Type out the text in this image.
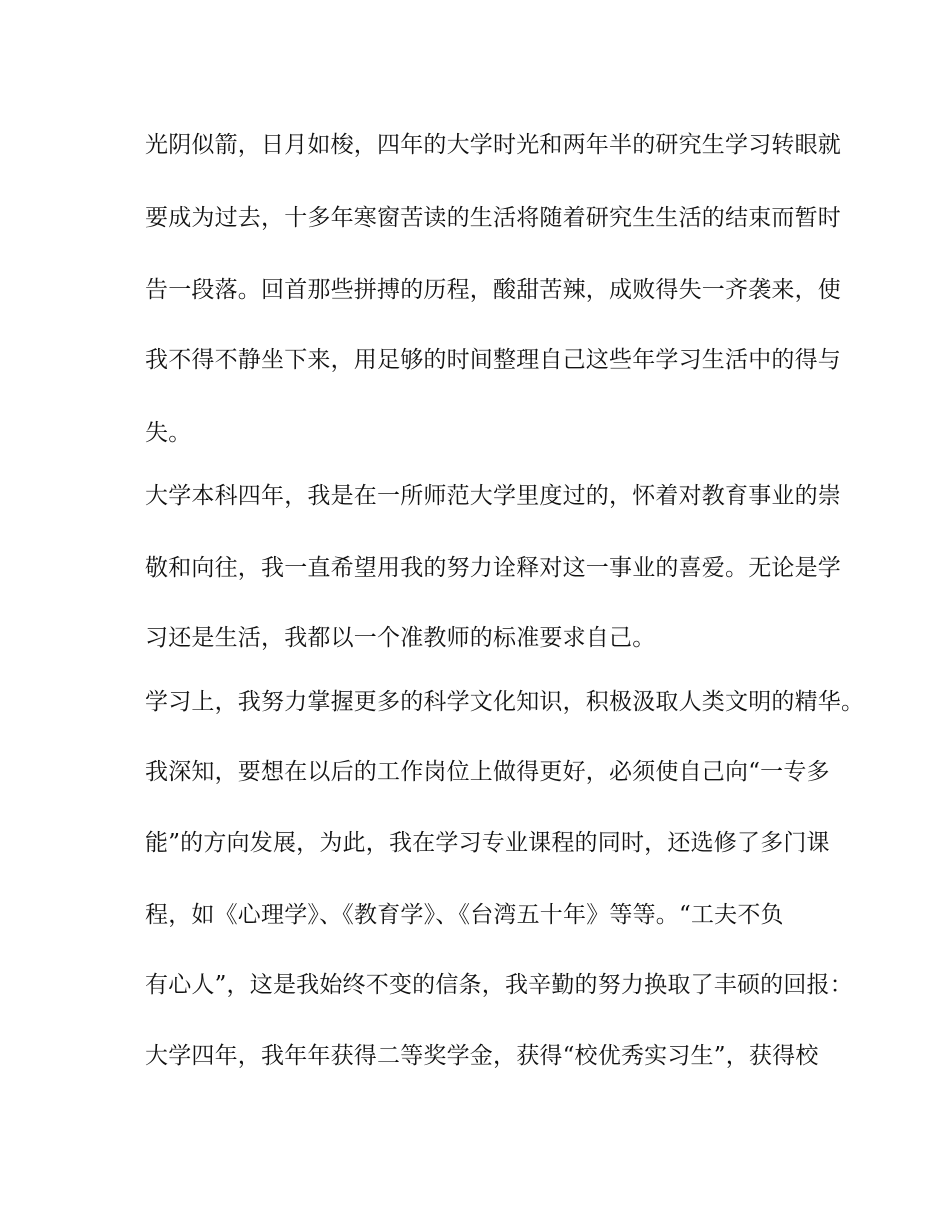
光阴似箭，日月如梭，四年的大学时光和两年半的研究生学习转眼就
要成为过去，十多年寒窗苦读的生活将随着研究生生活的结束而暂时
告一段落。回首那些拼搏的历程，酸甜苦辣，成败得失一齐袭来，使
我不得不静坐下来，用足够的时间整理自己这些年学习生活中的得与
失。
大学本科四年，我是在一所师范大学里度过的，怀着对教育事业的崇
敬和向往，我一直希望用我的努力诠释对这一事业的喜爱。无论是学
习还是生活，我都以一个准教师的标准要求自己。
学习上，我努力掌握更多的科学文化知识，积极汲取人类文明的精华。
我深知，要想在以后的工作岗位上做得更好，必须使自己向“一专多
能”的方向发展，为此，我在学习专业课程的同时，还选修了多门课
程，如《心理学》、《教育学》、《台湾五十年》等等。“工夫不负
有心人”，这是我始终不变的信条，我辛勤的努力换取了丰硕的回报：
大学四年，我年年获得二等奖学金，获得“校优秀实习生”，获得校
